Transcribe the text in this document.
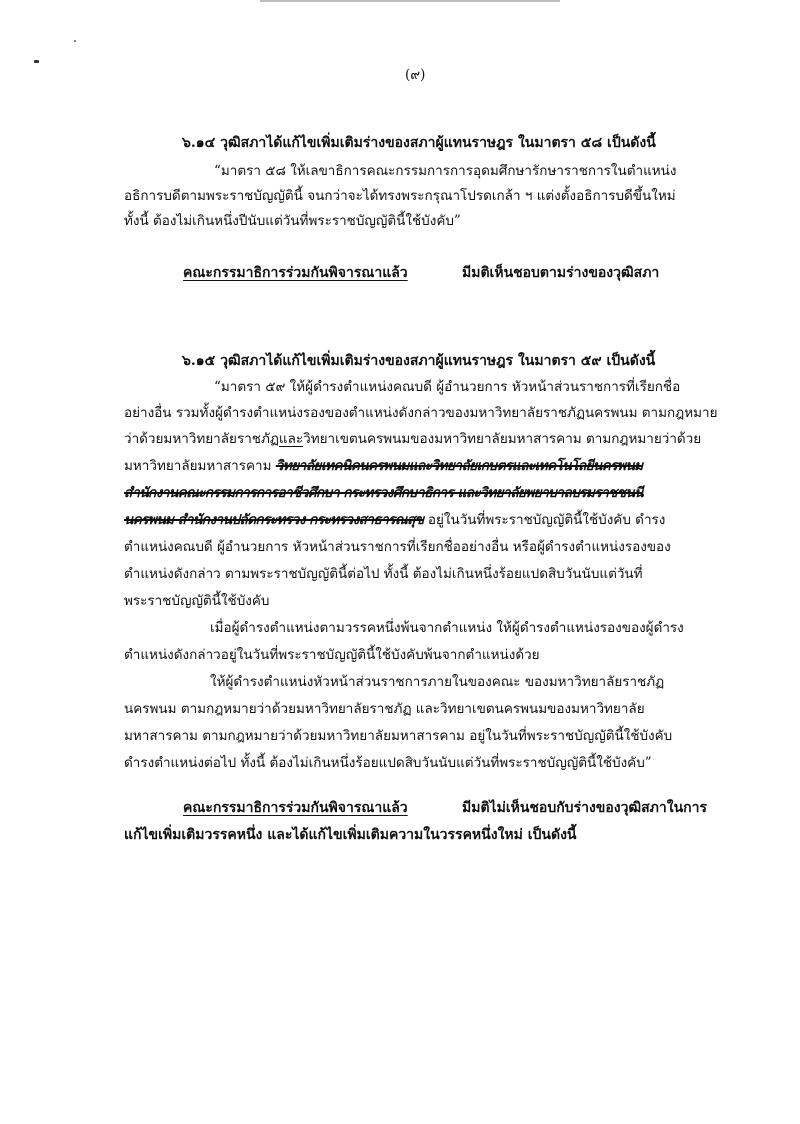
(๙)
๖.๑๔ วุฒิสภาได้แก้ไขเพิ่มเติมร่างของสภาผู้แทนราษฎร ในมาตรา ๕๘ เป็นดังนี้
“มาตรา ๕๘ ให้เลขาธิการคณะกรรมการการอุดมศึกษารักษาราชการในตำแหน่ง
อธิการบดีตามพระราชบัญญัตินี้ จนกว่าจะได้ทรงพระกรุณาโปรดเกล้า ฯ แต่งตั้งอธิการบดีขึ้นใหม่
ทั้งนี้ ต้องไม่เกินหนึ่งปีนับแต่วันที่พระราชบัญญัตินี้ใช้บังคับ”
คณะกรรมาธิการร่วมกันพิจารณาแล้ว	มีมติเห็นชอบตามร่างของวุฒิสภา
๖.๑๕ วุฒิสภาได้แก้ไขเพิ่มเติมร่างของสภาผู้แทนราษฎร ในมาตรา ๕๙ เป็นดังนี้
“มาตรา ๕๙ ให้ผู้ดำรงตำแหน่งคณบดี ผู้อำนวยการ หัวหน้าส่วนราชการที่เรียกชื่อ
อย่างอื่น รวมทั้งผู้ดำรงตำแหน่งรองของตำแหน่งดังกล่าวของมหาวิทยาลัยราชภัฏนครพนม ตามกฎหมาย
ว่าด้วยมหาวิทยาลัยราชภัฏและวิทยาเขตนครพนมของมหาวิทยาลัยมหาสารคาม ตามกฎหมายว่าด้วย
มหาวิทยาลัยมหาสารคาม วิทยาลัยเทคนิคนครพนมและวิทยาลัยเกษตรและเทคโนโลยีนครพนม
สำนักงานคณะกรรมการการอาชีวศึกษา กระทรวงศึกษาธิการ และวิทยาลัยพยาบาลบรมราชชนนี
นครพนม สำนักงานปลัดกระทรวง กระทรวงสาธารณสุข อยู่ในวันที่พระราชบัญญัตินี้ใช้บังคับ ดำรง
ตำแหน่งคณบดี ผู้อำนวยการ หัวหน้าส่วนราชการที่เรียกชื่ออย่างอื่น หรือผู้ดำรงตำแหน่งรองของ
ตำแหน่งดังกล่าว ตามพระราชบัญญัตินี้ต่อไป ทั้งนี้ ต้องไม่เกินหนึ่งร้อยแปดสิบวันนับแต่วันที่
พระราชบัญญัตินี้ใช้บังคับ
เมื่อผู้ดำรงตำแหน่งตามวรรคหนึ่งพ้นจากตำแหน่ง ให้ผู้ดำรงตำแหน่งรองของผู้ดำรง
ตำแหน่งดังกล่าวอยู่ในวันที่พระราชบัญญัตินี้ใช้บังคับพ้นจากตำแหน่งด้วย
ให้ผู้ดำรงตำแหน่งหัวหน้าส่วนราชการภายในของคณะ ของมหาวิทยาลัยราชภัฏ
นครพนม ตามกฎหมายว่าด้วยมหาวิทยาลัยราชภัฏ และวิทยาเขตนครพนมของมหาวิทยาลัย
มหาสารคาม ตามกฎหมายว่าด้วยมหาวิทยาลัยมหาสารคาม อยู่ในวันที่พระราชบัญญัตินี้ใช้บังคับ
ดำรงตำแหน่งต่อไป ทั้งนี้ ต้องไม่เกินหนึ่งร้อยแปดสิบวันนับแต่วันที่พระราชบัญญัตินี้ใช้บังคับ”
คณะกรรมาธิการร่วมกันพิจารณาแล้ว	มีมติไม่เห็นชอบกับร่างของวุฒิสภาในการ
แก้ไขเพิ่มเติมวรรคหนึ่ง และได้แก้ไขเพิ่มเติมความในวรรคหนึ่งใหม่ เป็นดังนี้
